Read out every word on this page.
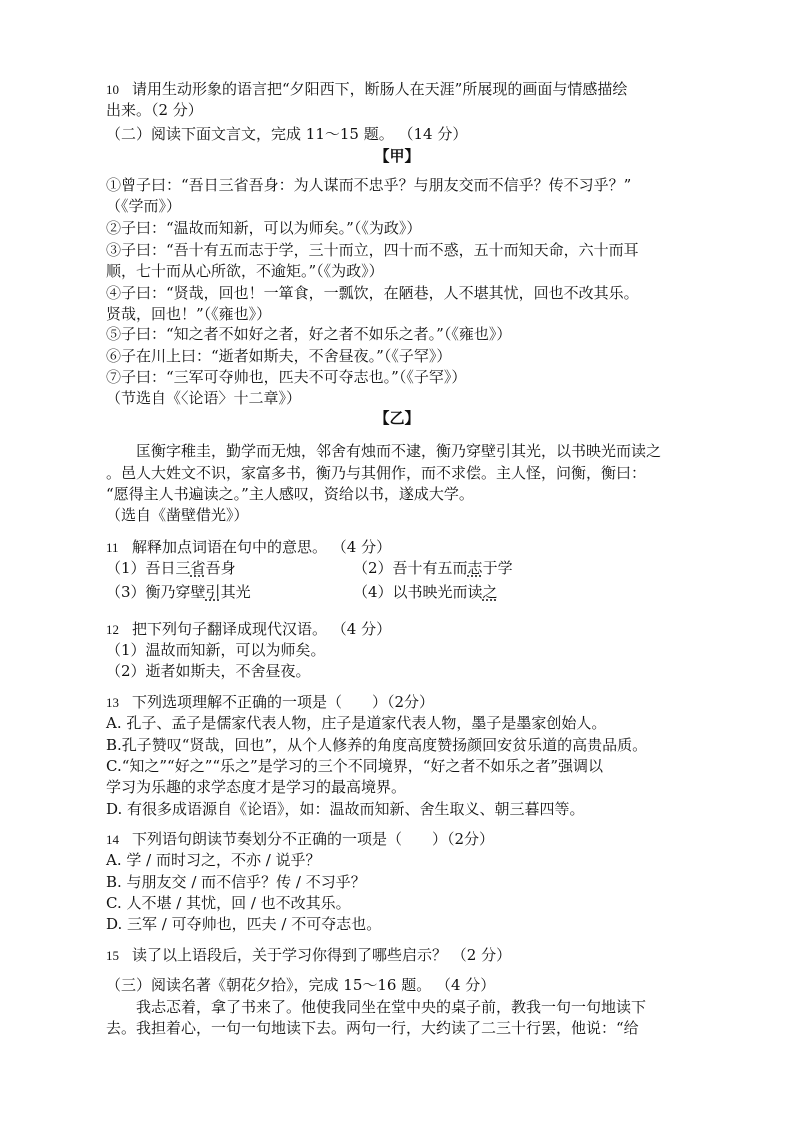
10 请用生动形象的语言把“夕阳西下，断肠人在天涯”所展现的画面与情感描绘
出来。（2 分）
（二）阅读下面文言文，完成 11～15 题。 （14 分）
【甲】
①曾子曰：“吾日三省吾身：为人谋而不忠乎？与朋友交而不信乎？传不习乎？”
（《学而》）
②子曰：“温故而知新，可以为师矣。”（《为政》）
③子曰：“吾十有五而志于学，三十而立，四十而不惑，五十而知天命，六十而耳
顺，七十而从心所欲，不逾矩。”（《为政》）
④子曰：“贤哉，回也！一箪食，一瓢饮，在陋巷，人不堪其忧，回也不改其乐。
贤哉，回也！”（《雍也》）
⑤子曰：“知之者不如好之者，好之者不如乐之者。”（《雍也》）
⑥子在川上曰：“逝者如斯夫，不舍昼夜。”（《子罕》）
⑦子曰：“三军可夺帅也，匹夫不可夺志也。”（《子罕》）
（节选自《〈论语〉十二章》）
【乙】
匡衡字稚圭，勤学而无烛，邻舍有烛而不逮，衡乃穿壁引其光，以书映光而读之
。邑人大姓文不识，家富多书，衡乃与其佣作，而不求偿。主人怪，问衡，衡曰：
“愿得主人书遍读之。”主人感叹，资给以书，遂成大学。
（选自《凿壁借光》）
11 解释加点词语在句中的意思。 （4 分）
（1）吾日三省吾身	（2）吾十有五而志于学
（3）衡乃穿壁引其光	（4）以书映光而读之
12 把下列句子翻译成现代汉语。 （4 分）
（1）温故而知新，可以为师矣。
（2）逝者如斯夫，不舍昼夜。
13 下列选项理解不正确的一项是（　　）（2分）
A. 孔子、孟子是儒家代表人物，庄子是道家代表人物，墨子是墨家创始人。
B.孔子赞叹“贤哉，回也”，从个人修养的角度高度赞扬颜回安贫乐道的高贵品质。
C.“知之”“好之”“乐之”是学习的三个不同境界，“好之者不如乐之者”强调以
学习为乐趣的求学态度才是学习的最高境界。
D. 有很多成语源自《论语》，如：温故而知新、舍生取义、朝三暮四等。
14 下列语句朗读节奏划分不正确的一项是（　　）（2分）
A. 学 / 而时习之，不亦 / 说乎？
B. 与朋友交 / 而不信乎？传 / 不习乎？
C. 人不堪 / 其忧，回 / 也不改其乐。
D. 三军 / 可夺帅也，匹夫 / 不可夺志也。
15 读了以上语段后，关于学习你得到了哪些启示？ （2 分）
（三）阅读名著《朝花夕拾》，完成 15～16 题。 （4 分）
我忐忑着，拿了书来了。他使我同坐在堂中央的桌子前，教我一句一句地读下
去。我担着心，一句一句地读下去。两句一行，大约读了二三十行罢，他说：“给
